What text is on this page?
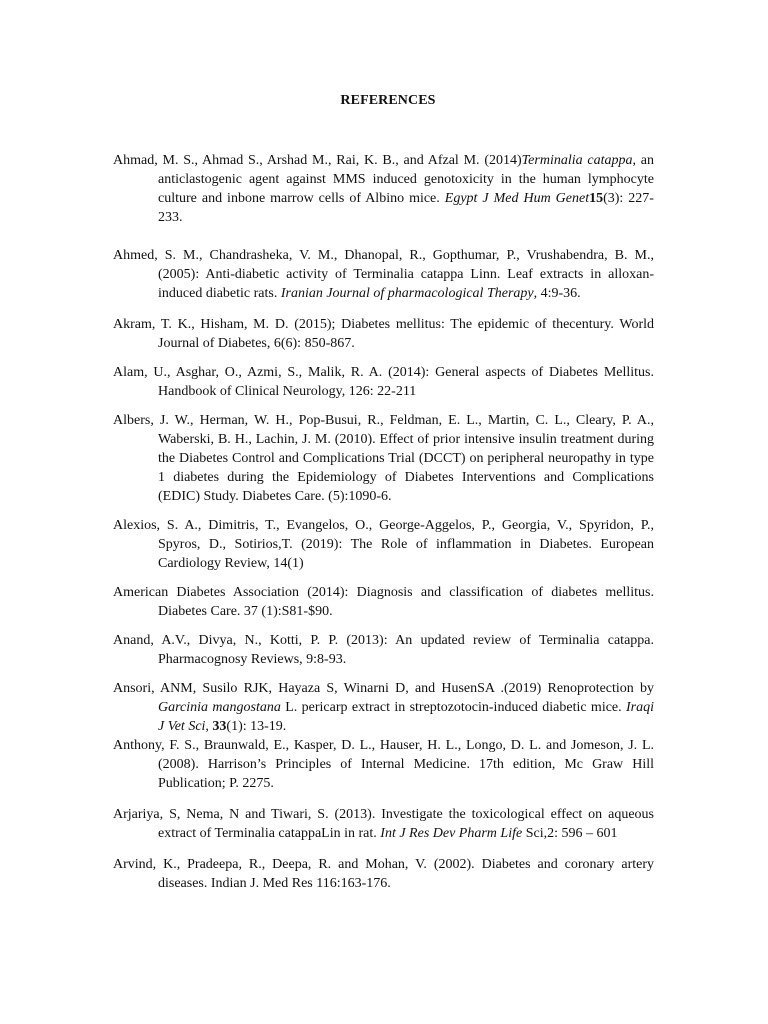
REFERENCES

Ahmad, M. S., Ahmad S., Arshad M., Rai, K. B., and Afzal M. (2014)Terminalia catappa, an anticlastogenic agent against MMS induced genotoxicity in the human lymphocyte culture and inbone marrow cells of Albino mice. Egypt J Med Hum Genet15(3): 227-233.

Ahmed, S. M., Chandrasheka, V. M., Dhanopal, R., Gopthumar, P., Vrushabendra, B. M., (2005): Anti-diabetic activity of Terminalia catappa Linn. Leaf extracts in alloxan-induced diabetic rats. Iranian Journal of pharmacological Therapy, 4:9-36.

Akram, T. K., Hisham, M. D. (2015); Diabetes mellitus: The epidemic of thecentury. World Journal of Diabetes, 6(6): 850-867.

Alam, U., Asghar, O., Azmi, S., Malik, R. A. (2014): General aspects of Diabetes Mellitus. Handbook of Clinical Neurology, 126: 22-211

Albers, J. W., Herman, W. H., Pop-Busui, R., Feldman, E. L., Martin, C. L., Cleary, P. A., Waberski, B. H., Lachin, J. M. (2010). Effect of prior intensive insulin treatment during the Diabetes Control and Complications Trial (DCCT) on peripheral neuropathy in type 1 diabetes during the Epidemiology of Diabetes Interventions and Complications (EDIC) Study. Diabetes Care. (5):1090-6.

Alexios, S. A., Dimitris, T., Evangelos, O., George-Aggelos, P., Georgia, V., Spyridon, P., Spyros, D., Sotirios,T. (2019): The Role of inflammation in Diabetes. European Cardiology Review, 14(1)

American Diabetes Association (2014): Diagnosis and classification of diabetes mellitus. Diabetes Care. 37 (1):S81-$90.

Anand, A.V., Divya, N., Kotti, P. P. (2013): An updated review of Terminalia catappa. Pharmacognosy Reviews, 9:8-93.

Ansori, ANM, Susilo RJK, Hayaza S, Winarni D, and HusenSA .(2019) Renoprotection by Garcinia mangostana L. pericarp extract in streptozotocin-induced diabetic mice. Iraqi J Vet Sci, 33(1): 13-19.

Anthony, F. S., Braunwald, E., Kasper, D. L., Hauser, H. L., Longo, D. L. and Jomeson, J. L. (2008). Harrison’s Principles of Internal Medicine. 17th edition, Mc Graw Hill Publication; P. 2275.

Arjariya, S, Nema, N and Tiwari, S. (2013). Investigate the toxicological effect on aqueous extract of Terminalia catappaLin in rat. Int J Res Dev Pharm Life Sci,2: 596 – 601

Arvind, K., Pradeepa, R., Deepa, R. and Mohan, V. (2002). Diabetes and coronary artery diseases. Indian J. Med Res 116:163-176.
